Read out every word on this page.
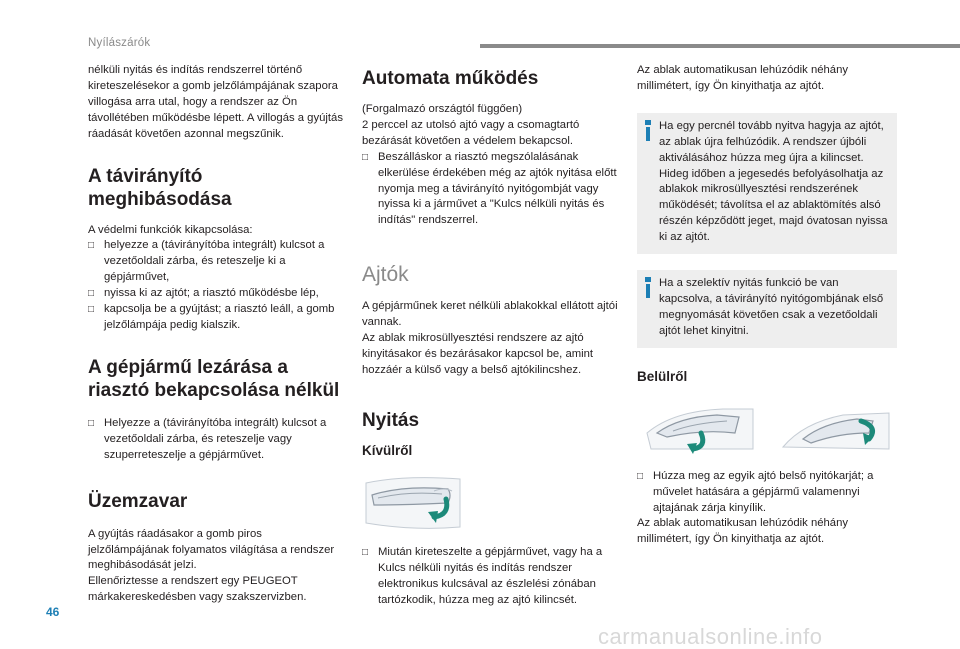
Nyílászárók

nélküli nyitás és indítás rendszerrel történő kireteszelésekor a gomb jelzőlámpájának szapora villogása arra utal, hogy a rendszer az Ön távollétében működésbe lépett. A villogás a gyújtás ráadását követően azonnal megszűnik.

A távirányító meghibásodása

A védelmi funkciók kikapcsolása:

□ helyezze a (távirányítóba integrált) kulcsot a vezetőoldali zárba, és reteszelje ki a gépjárművet,
□ nyissa ki az ajtót; a riasztó működésbe lép,
□ kapcsolja be a gyújtást; a riasztó leáll, a gomb jelzőlámpája pedig kialszik.
A gépjármű lezárása a riasztó bekapcsolása nélkül
□ Helyezze a (távirányítóba integrált) kulcsot a vezetőoldali zárba, és reteszelje vagy szuperreteszelje a gépjárművet.
Üzemzavar

A gyújtás ráadásakor a gomb piros jelzőlámpájának folyamatos világítása a rendszer meghibásodását jelzi.

Ellenőriztesse a rendszert egy PEUGEOT márkakereskedésben vagy szakszervizben.

Automata működés

(Forgalmazó országtól függően)

2 perccel az utolsó ajtó vagy a csomagtartó bezárását követően a védelem bekapcsol.

□ Beszálláskor a riasztó megszólalásának elkerülése érdekében még az ajtók nyitása előtt nyomja meg a távirányító nyitógombját vagy nyissa ki a járművet a "Kulcs nélküli nyitás és indítás" rendszerrel.
Ajtók

A gépjárműnek keret nélküli ablakokkal ellátott ajtói vannak.

Az ablak mikrosüllyesztési rendszere az ajtó kinyitásakor és bezárásakor kapcsol be, amint hozzáér a külső vagy a belső ajtókilincshez.

Nyitás
Kívülről
□ Miután kireteszelte a gépjárművet, vagy ha a Kulcs nélküli nyitás és indítás rendszer elektronikus kulcsával az észlelési zónában tartózkodik, húzza meg az ajtó kilincsét.

Az ablak automatikusan lehúzódik néhány millimétert, így Ön kinyithatja az ajtót.

Ha egy percnél tovább nyitva hagyja az ajtót, az ablak újra felhúzódik. A rendszer újbóli aktiválásához húzza meg újra a kilincset.

Hideg időben a jegesedés befolyásolhatja az ablakok mikrosüllyesztési rendszerének működését; távolítsa el az ablaktömítés alsó részén képződött jeget, majd óvatosan nyissa ki az ajtót.

Ha a szelektív nyitás funkció be van kapcsolva, a távirányító nyitógombjának első megnyomását követően csak a vezetőoldali ajtót lehet kinyitni.

Belülről
□ Húzza meg az egyik ajtó belső nyitókarját; a művelet hatására a gépjármű valamennyi ajtajának zárja kinyílik.

Az ablak automatikusan lehúzódik néhány millimétert, így Ön kinyithatja az ajtót.

46
carmanualsonline.info
